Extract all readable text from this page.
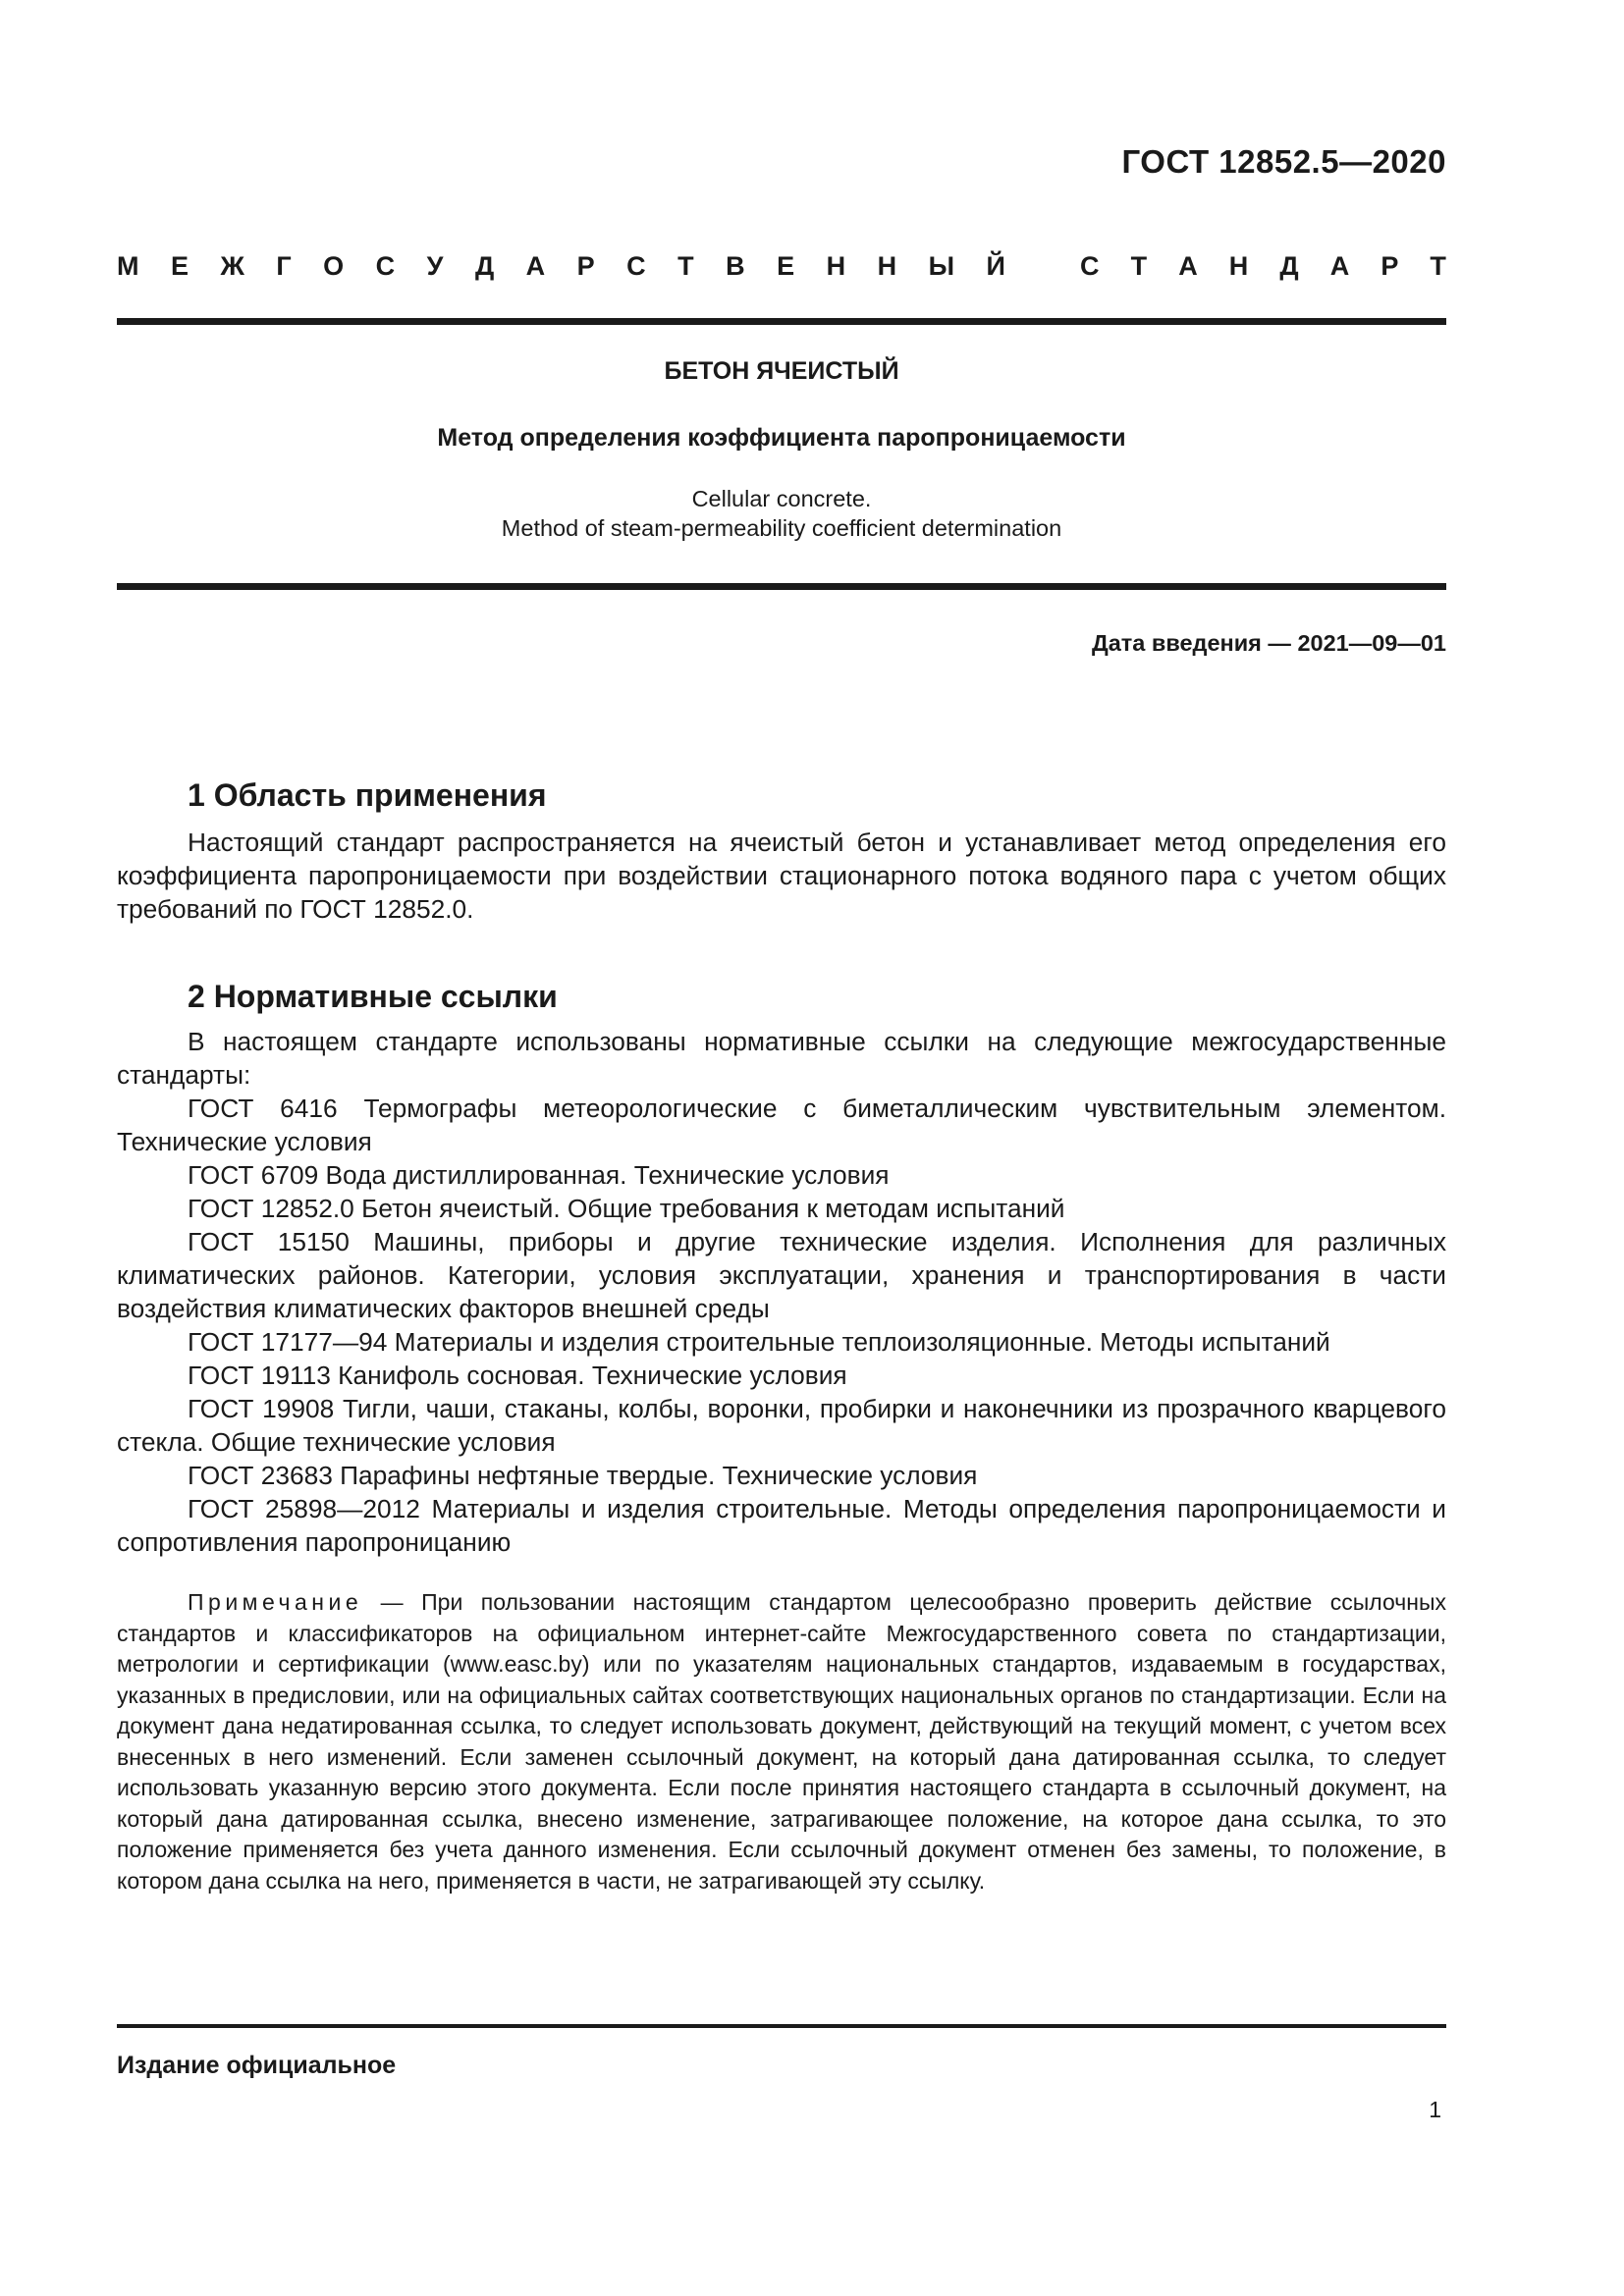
ГОСТ 12852.5—2020
М Е Ж Г О С У Д А Р С Т В Е Н Н Ы Й	С Т А Н Д А Р Т
БЕТОН ЯЧЕИСТЫЙ
Метод определения коэффициента паропроницаемости
Cellular concrete.
Method of steam-permeability coefficient determination
Дата введения — 2021—09—01
1 Область применения

Настоящий стандарт распространяется на ячеистый бетон и устанавливает метод определения его коэффициента паропроницаемости при воздействии стационарного потока водяного пара с учетом общих требований по ГОСТ 12852.0.

2 Нормативные ссылки

В настоящем стандарте использованы нормативные ссылки на следующие межгосударственные стандарты:

ГОСТ 6416 Термографы метеорологические с биметаллическим чувствительным элементом. Технические условия

ГОСТ 6709 Вода дистиллированная. Технические условия

ГОСТ 12852.0 Бетон ячеистый. Общие требования к методам испытаний

ГОСТ 15150 Машины, приборы и другие технические изделия. Исполнения для различных климатических районов. Категории, условия эксплуатации, хранения и транспортирования в части воздействия климатических факторов внешней среды

ГОСТ 17177—94 Материалы и изделия строительные теплоизоляционные. Методы испытаний

ГОСТ 19113 Канифоль сосновая. Технические условия

ГОСТ 19908 Тигли, чаши, стаканы, колбы, воронки, пробирки и наконечники из прозрачного кварцевого стекла. Общие технические условия

ГОСТ 23683 Парафины нефтяные твердые. Технические условия

ГОСТ 25898—2012 Материалы и изделия строительные. Методы определения паропроницаемости и сопротивления паропроницанию

Примечание — При пользовании настоящим стандартом целесообразно проверить действие ссылочных стандартов и классификаторов на официальном интернет-сайте Межгосударственного совета по стандартизации, метрологии и сертификации (www.easc.by) или по указателям национальных стандартов, издаваемым в государствах, указанных в предисловии, или на официальных сайтах соответствующих национальных органов по стандартизации. Если на документ дана недатированная ссылка, то следует использовать документ, действующий на текущий момент, с учетом всех внесенных в него изменений. Если заменен ссылочный документ, на который дана датированная ссылка, то следует использовать указанную версию этого документа. Если после принятия настоящего стандарта в ссылочный документ, на который дана датированная ссылка, внесено изменение, затрагивающее положение, на которое дана ссылка, то это положение применяется без учета данного изменения. Если ссылочный документ отменен без замены, то положение, в котором дана ссылка на него, применяется в части, не затрагивающей эту ссылку.

Издание официальное
1
